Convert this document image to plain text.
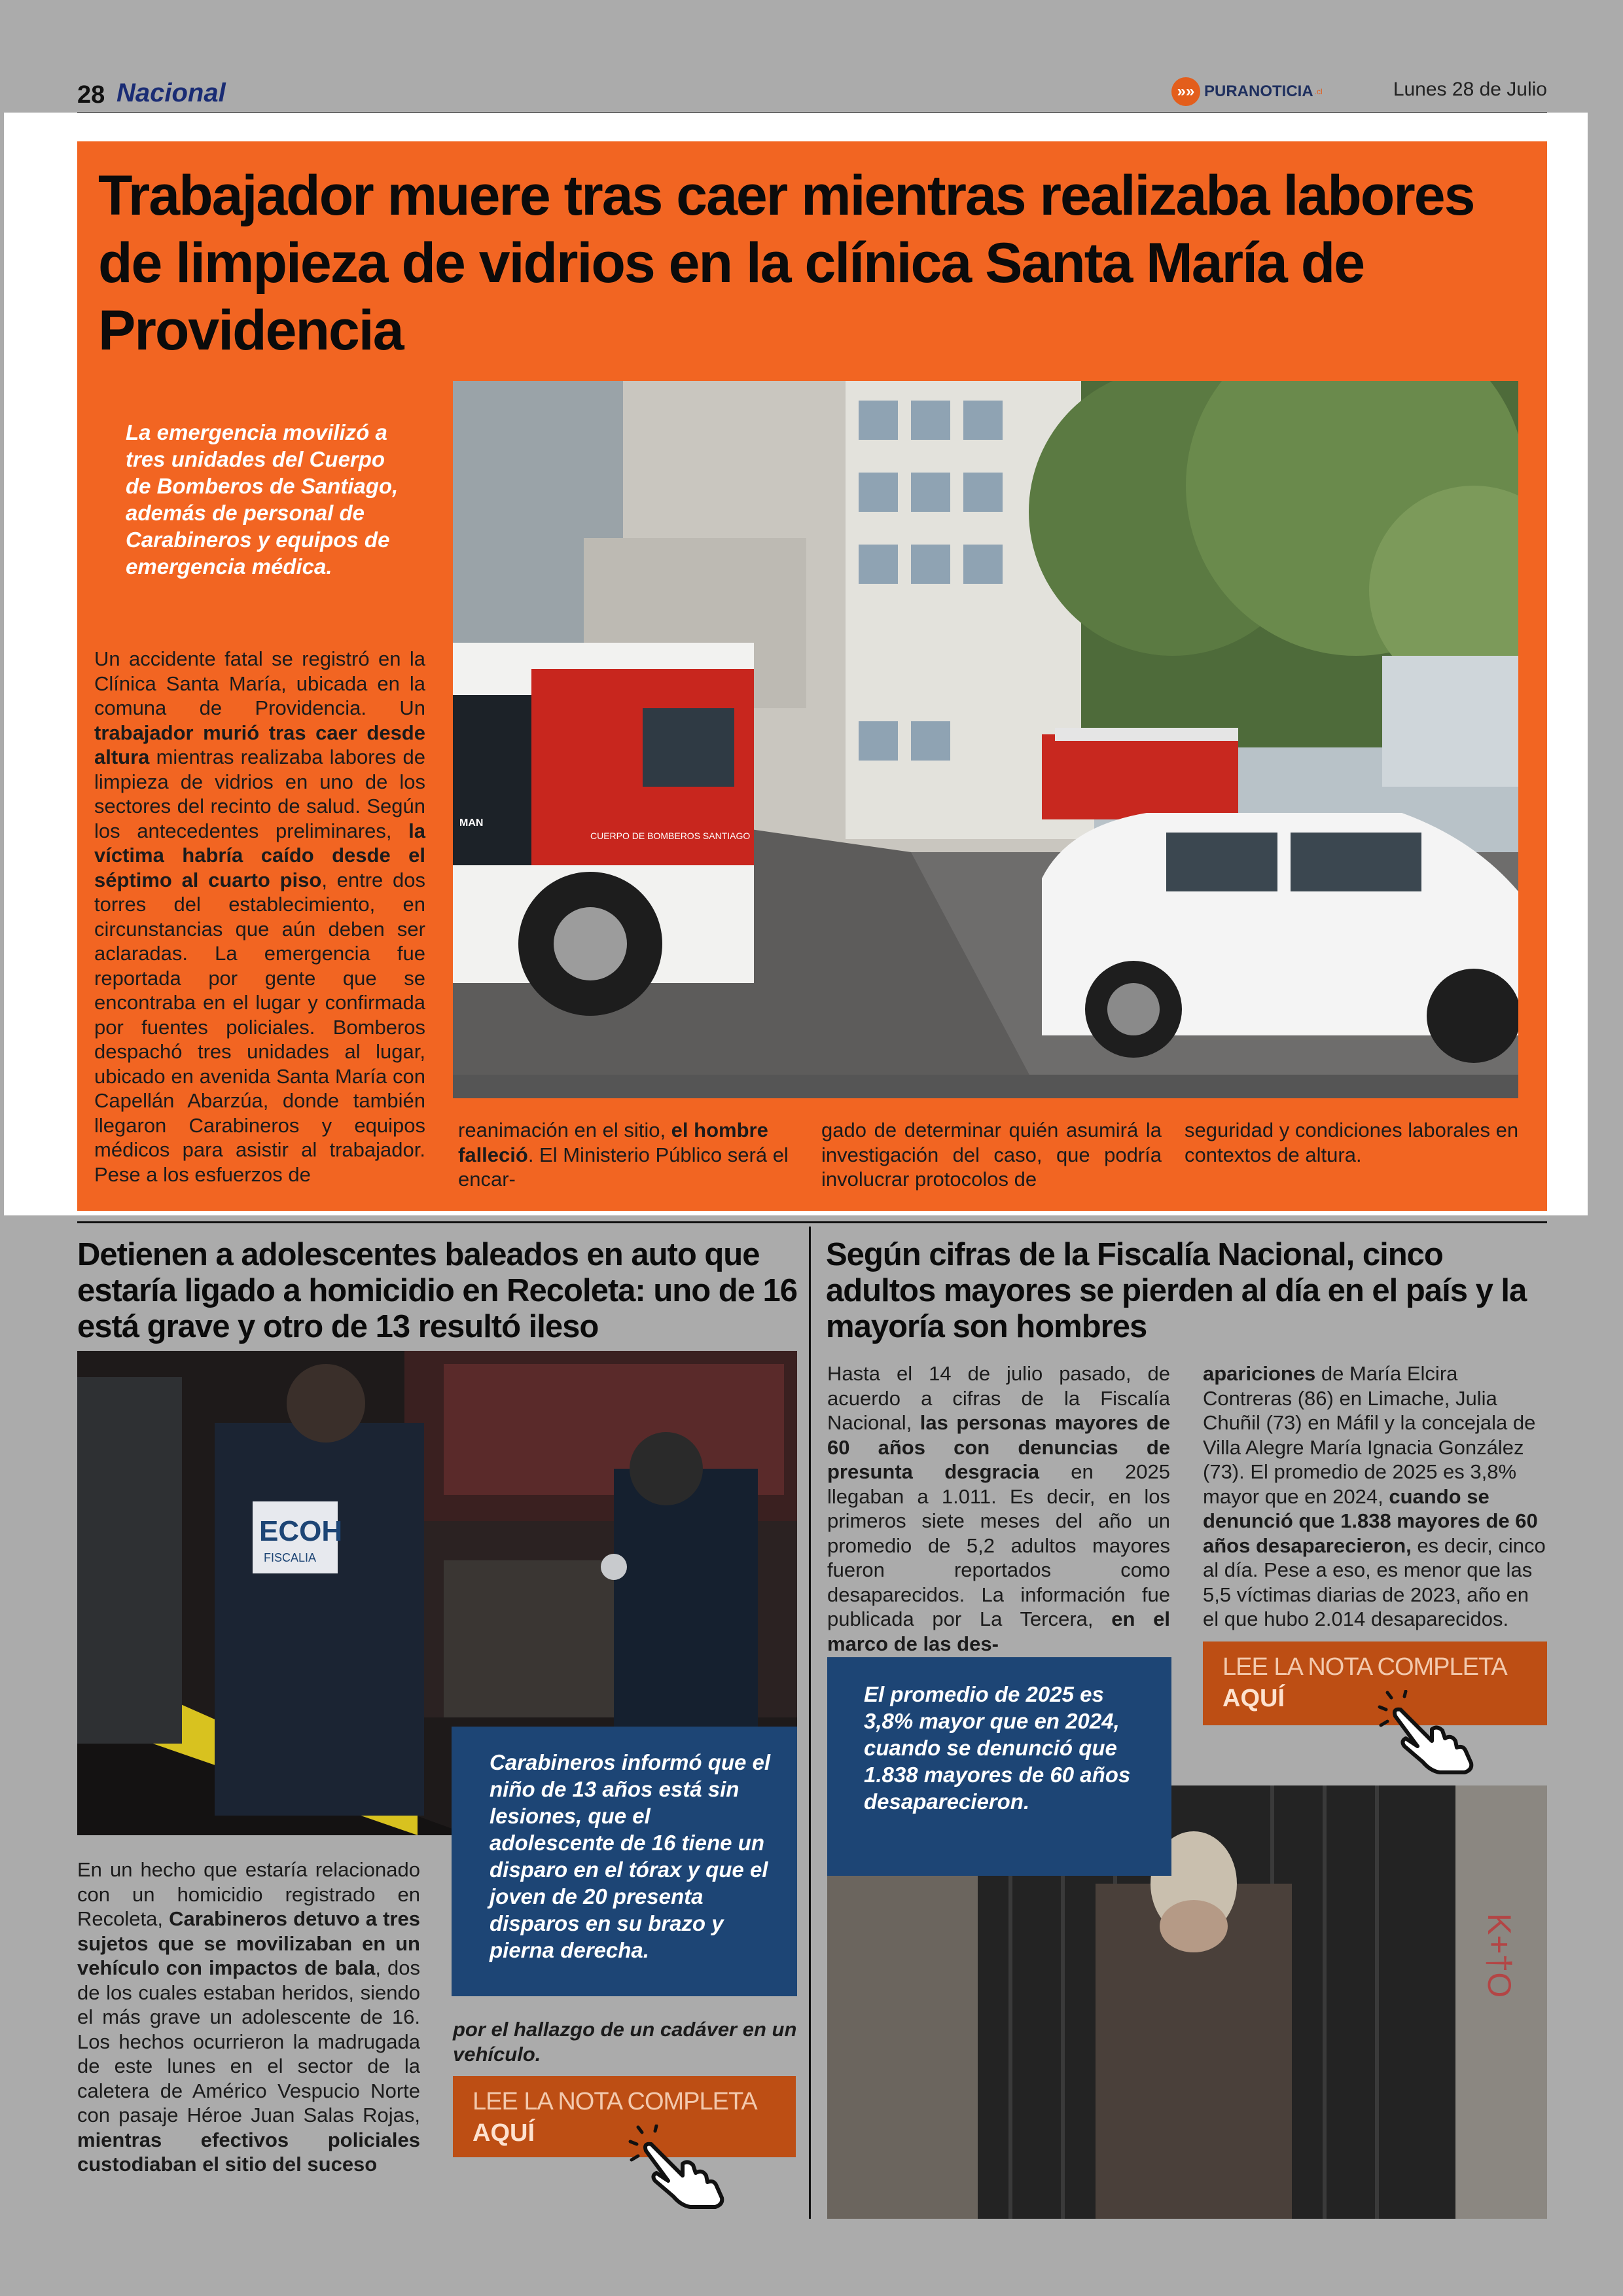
28 Nacional	»» PURANOTICIA .cl	Lunes 28 de Julio
Trabajador muere tras caer mientras realizaba labores de limpieza de vidrios en la clínica Santa María de Providencia
La emergencia movilizó a tres unidades del Cuerpo de Bomberos de Santiago, además de personal de Carabineros y equipos de emergencia médica.
Un accidente fatal se registró en la Clínica Santa María, ubicada en la comuna de Providencia. Un trabajador murió tras caer desde altura mientras realizaba labores de limpieza de vidrios en uno de los sectores del recinto de salud. Según los antecedentes preliminares, la víctima habría caído desde el séptimo al cuarto piso, entre dos torres del establecimiento, en circunstancias que aún deben ser aclaradas. La emergencia fue reportada por gente que se encontraba en el lugar y confirmada por fuentes policiales. Bomberos despachó tres unidades al lugar, ubicado en avenida Santa María con Capellán Abarzúa, donde también llegaron Carabineros y equipos médicos para asistir al trabajador. Pese a los esfuerzos de
CUERPO DE BOMBEROS SANTIAGO
MAN
reanimación en el sitio, el hombre falleció. El Ministerio Público será el encar-
gado de determinar quién asumirá la investigación del caso, que podría involucrar protocolos de
seguridad y condiciones laborales en contextos de altura.
Detienen a adolescentes baleados en auto que estaría ligado a homicidio en Recoleta: uno de 16 está grave y otro de 13 resultó ileso
ECOH
FISCALIA
Carabineros informó que el niño de 13 años está sin lesiones, que el adolescente de 16 tiene un disparo en el tórax y que el joven de 20 presenta disparos en su brazo y pierna derecha.
En un hecho que estaría relacionado con un homicidio registrado en Recoleta, Carabineros detuvo a tres sujetos que se movilizaban en un vehículo con impactos de bala, dos de los cuales estaban heridos, siendo el más grave un adolescente de 16. Los hechos ocurrieron la madrugada de este lunes en el sector de la caletera de Américo Vespucio Norte con pasaje Héroe Juan Salas Rojas, mientras efectivos policiales custodiaban el sitio del suceso
por el hallazgo de un cadáver en un vehículo.
LEE LA NOTA COMPLETA
AQUÍ
Según cifras de la Fiscalía Nacional, cinco adultos mayores se pierden al día en el país y la mayoría son hombres
Hasta el 14 de julio pasado, de acuerdo a cifras de la Fiscalía Nacional, las personas mayores de 60 años con denuncias de presunta desgracia en 2025 llegaban a 1.011. Es decir, en los primeros siete meses del año un promedio de 5,2 adultos mayores fueron reportados como desaparecidos. La información fue publicada por La Tercera, en el marco de las des-
apariciones de María Elcira Contreras (86) en Limache, Julia Chuñil (73) en Máfil y la concejala de Villa Alegre María Ignacia González (73). El promedio de 2025 es 3,8% mayor que en 2024, cuando se denunció que 1.838 mayores de 60 años desaparecieron, es decir, cinco al día. Pese a eso, es menor que las 5,5 víctimas diarias de 2023, año en el que hubo 2.014 desaparecidos.
LEE LA NOTA COMPLETA
AQUÍ
K+†O
El promedio de 2025 es 3,8% mayor que en 2024, cuando se denunció que 1.838 mayores de 60 años desaparecieron.
